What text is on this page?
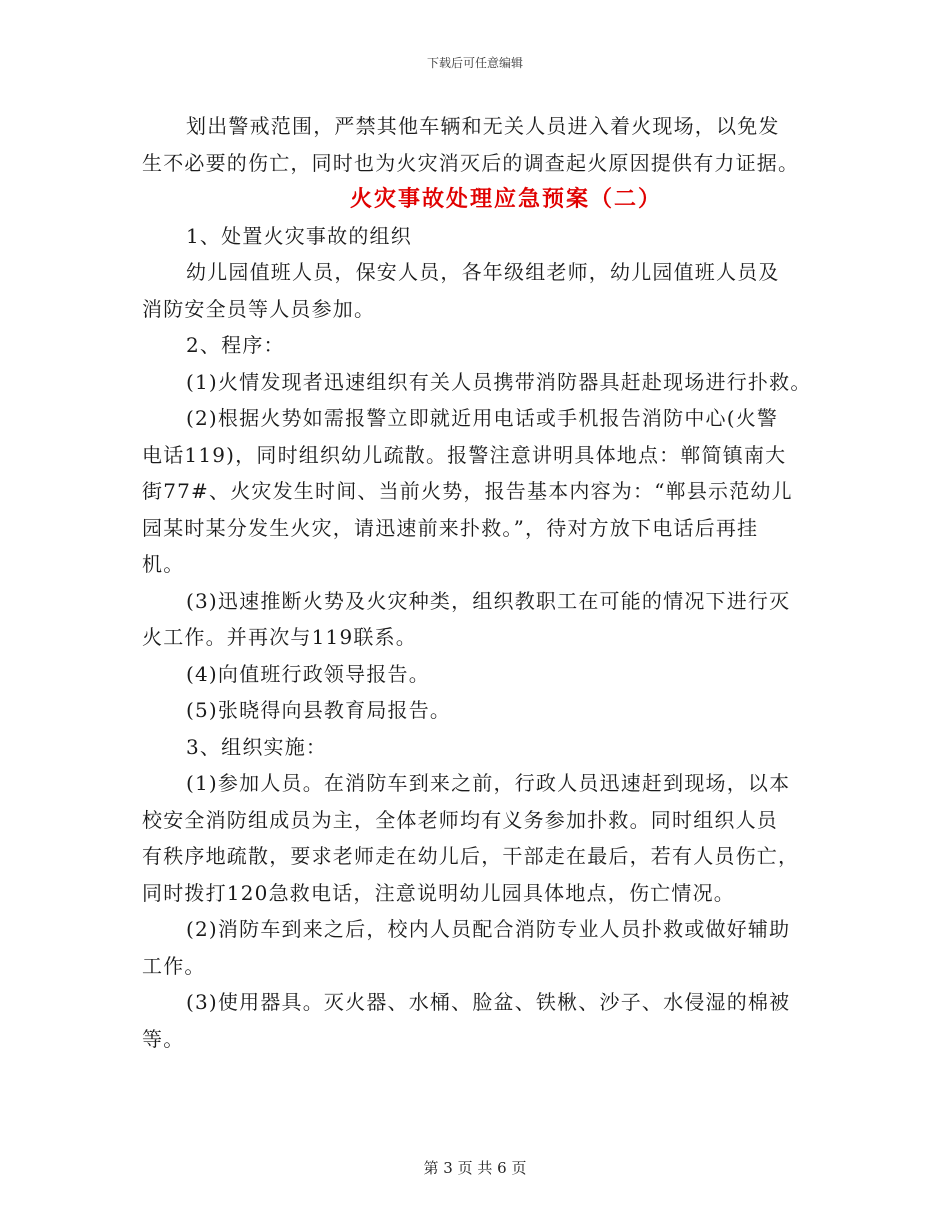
下载后可任意编辑
划出警戒范围，严禁其他车辆和无关人员进入着火现场，以免发
生不必要的伤亡，同时也为火灾消灭后的调查起火原因提供有力证据。
火灾事故处理应急预案（二）
1、处置火灾事故的组织
幼儿园值班人员，保安人员，各年级组老师，幼儿园值班人员及
消防安全员等人员参加。
2、程序：
(1)火情发现者迅速组织有关人员携带消防器具赶赴现场进行扑救。
(2)根据火势如需报警立即就近用电话或手机报告消防中心(火警
电话119)，同时组织幼儿疏散。报警注意讲明具体地点：郸简镇南大
街77#、火灾发生时间、当前火势，报告基本内容为：“郸县示范幼儿
园某时某分发生火灾，请迅速前来扑救。”，待对方放下电话后再挂
机。
(3)迅速推断火势及火灾种类，组织教职工在可能的情况下进行灭
火工作。并再次与119联系。
(4)向值班行政领导报告。
(5)张晓得向县教育局报告。
3、组织实施：
(1)参加人员。在消防车到来之前，行政人员迅速赶到现场，以本
校安全消防组成员为主，全体老师均有义务参加扑救。同时组织人员
有秩序地疏散，要求老师走在幼儿后，干部走在最后，若有人员伤亡，
同时拨打120急救电话，注意说明幼儿园具体地点，伤亡情况。
(2)消防车到来之后，校内人员配合消防专业人员扑救或做好辅助
工作。
(3)使用器具。灭火器、水桶、脸盆、铁楸、沙子、水侵湿的棉被
等。
第 3 页 共 6 页
